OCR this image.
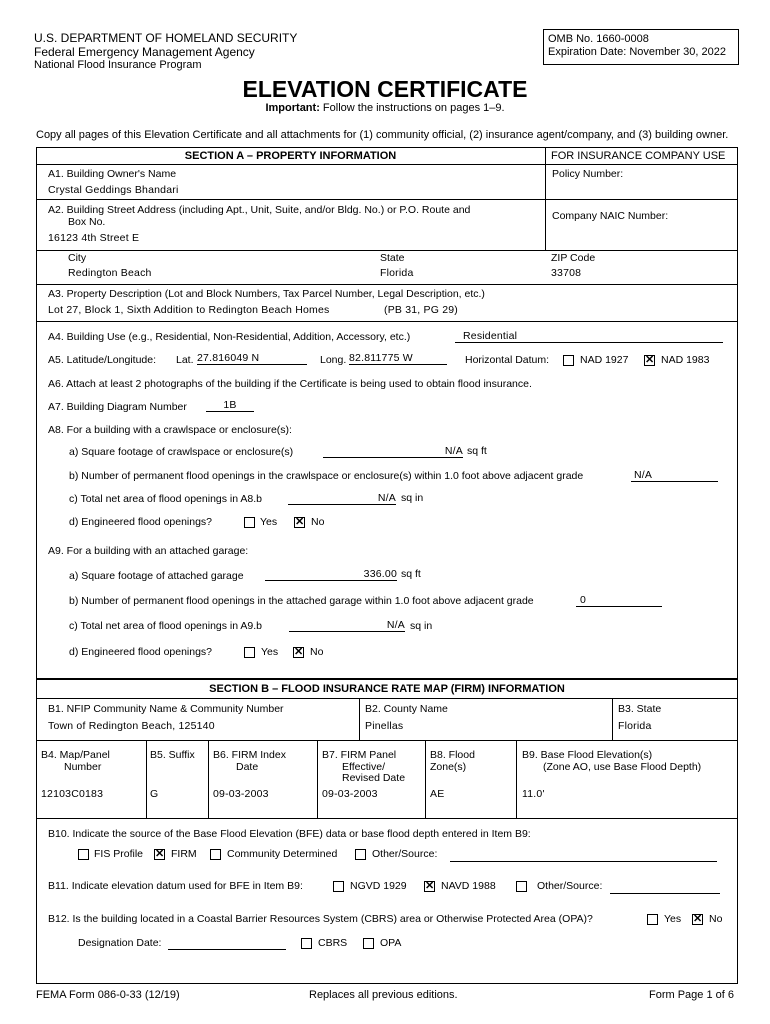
U.S. DEPARTMENT OF HOMELAND SECURITY
Federal Emergency Management Agency
National Flood Insurance Program
OMB No. 1660-0008
Expiration Date: November 30, 2022
ELEVATION CERTIFICATE
Important: Follow the instructions on pages 1–9.
Copy all pages of this Elevation Certificate and all attachments for (1) community official, (2) insurance agent/company, and (3) building owner.
SECTION A – PROPERTY INFORMATION	FOR INSURANCE COMPANY USE
A1. Building Owner's Name
Crystal Geddings Bhandari
Policy Number:
A2. Building Street Address (including Apt., Unit, Suite, and/or Bldg. No.) or P.O. Route and
Box No.
16123 4th Street E
Company NAIC Number:
City
Redington Beach
State
Florida
ZIP Code
33708
A3. Property Description (Lot and Block Numbers, Tax Parcel Number, Legal Description, etc.)
Lot 27, Block 1, Sixth Addition to Redington Beach Homes	(PB 31, PG 29)
A4. Building Use (e.g., Residential, Non-Residential, Addition, Accessory, etc.)	Residential
A5. Latitude/Longitude: Lat. 27.816049 N	Long. 82.811775 W	Horizontal Datum:	NAD 1927 ✕ NAD 1983
A6. Attach at least 2 photographs of the building if the Certificate is being used to obtain flood insurance.
A7. Building Diagram Number	1B
A8. For a building with a crawlspace or enclosure(s):
a) Square footage of crawlspace or enclosure(s)	N/A sq ft
b) Number of permanent flood openings in the crawlspace or enclosure(s) within 1.0 foot above adjacent grade	N/A
c) Total net area of flood openings in A8.b	N/A sq in
d) Engineered flood openings?	Yes ✕ No
A9. For a building with an attached garage:
a) Square footage of attached garage	336.00 sq ft
b) Number of permanent flood openings in the attached garage within 1.0 foot above adjacent grade	0
c) Total net area of flood openings in A9.b	N/A sq in
d) Engineered flood openings?	Yes ✕ No
SECTION B – FLOOD INSURANCE RATE MAP (FIRM) INFORMATION
B1. NFIP Community Name & Community Number
Town of Redington Beach, 125140
B2. County Name
Pinellas
B3. State
Florida
B4. Map/Panel
Number
12103C0183
B5. Suffix
G
B6. FIRM Index
Date
09-03-2003
B7. FIRM Panel
Effective/
Revised Date
09-03-2003
B8. Flood
Zone(s)
AE
B9. Base Flood Elevation(s)
(Zone AO, use Base Flood Depth)
11.0'
B10. Indicate the source of the Base Flood Elevation (BFE) data or base flood depth entered in Item B9:
FIS Profile ✕ FIRM	Community Determined	Other/Source:
B11. Indicate elevation datum used for BFE in Item B9:	NGVD 1929 ✕ NAVD 1988	Other/Source:
B12. Is the building located in a Coastal Barrier Resources System (CBRS) area or Otherwise Protected Area (OPA)?	Yes ✕ No
Designation Date:	CBRS	OPA
FEMA Form 086-0-33 (12/19)	Replaces all previous editions.	Form Page 1 of 6
